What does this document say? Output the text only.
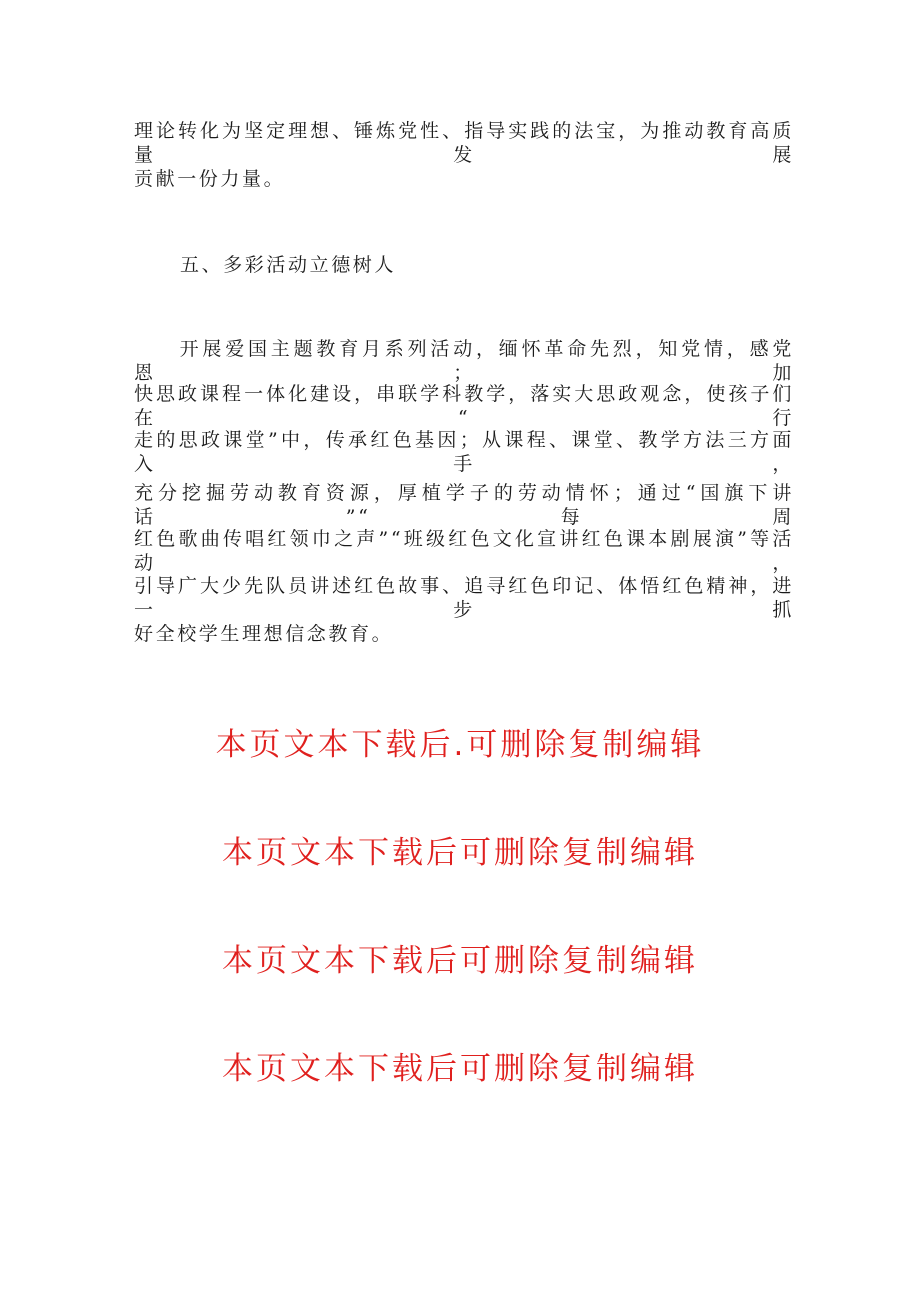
理论转化为坚定理想、锤炼党性、指导实践的法宝，为推动教育高质量发展
贡献一份力量。
五、多彩活动立德树人
　　开展爱国主题教育月系列活动，缅怀革命先烈，知党情，感党恩；加
快思政课程一体化建设，串联学科教学，落实大思政观念，使孩子们在“行
走的思政课堂”中，传承红色基因；从课程、课堂、教学方法三方面入手，
充分挖掘劳动教育资源，厚植学子的劳动情怀；通过“国旗下讲话”“每周
红色歌曲传唱红领巾之声”“班级红色文化宣讲红色课本剧展演”等活动，
引导广大少先队员讲述红色故事、追寻红色印记、体悟红色精神，进一步抓
好全校学生理想信念教育。
本页文本下载后.可删除复制编辑
本页文本下载后可删除复制编辑
本页文本下载后可删除复制编辑
本页文本下载后可删除复制编辑
